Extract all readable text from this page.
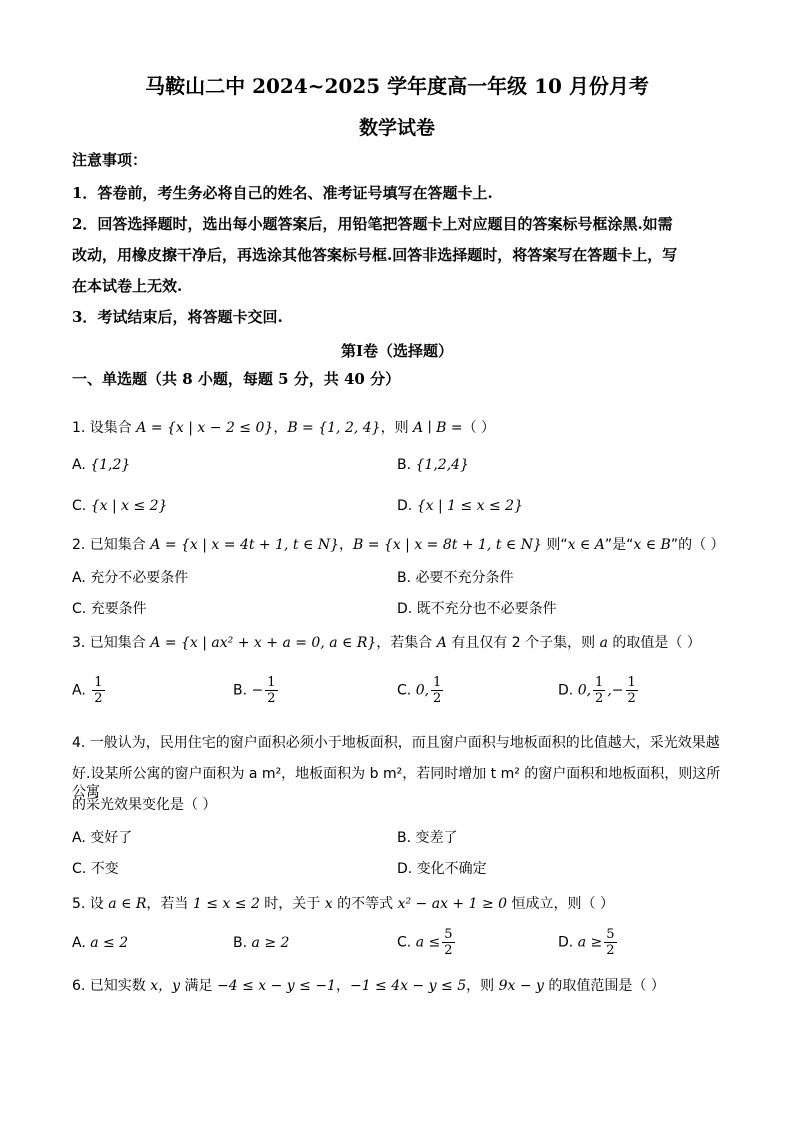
马鞍山二中 2024~2025 学年度高一年级 10 月份月考
数学试卷
注意事项：
1．答卷前，考生务必将自己的姓名、准考证号填写在答题卡上.
2．回答选择题时，选出每小题答案后，用铅笔把答题卡上对应题目的答案标号框涂黑.如需
改动，用橡皮擦干净后，再选涂其他答案标号框.回答非选择题时，将答案写在答题卡上，写
在本试卷上无效.
3．考试结束后，将答题卡交回.
第Ⅰ卷（选择题）
一、单选题（共 8 小题，每题 5 分，共 40 分）
1. 设集合 A = {x | x − 2 ≤ 0}，B = {1, 2, 4}，则 A ∣ B =（ ）
A. {1,2}	B. {1,2,4}
C. {x | x ≤ 2}	D. {x | 1 ≤ x ≤ 2}
2. 已知集合 A = {x | x = 4t + 1, t ∈ N}，B = {x | x = 8t + 1, t ∈ N} 则“x ∈ A”是“x ∈ B”的（ ）
A. 充分不必要条件	B. 必要不充分条件
C. 充要条件	D. 既不充分也不必要条件
3. 已知集合 A = {x | ax² + x + a = 0, a ∈ R}，若集合 A 有且仅有 2 个子集，则 a 的取值是（ ）
A. $\frac{1}{2}$	B. − $\frac{1}{2}$	C. 0, $\frac{1}{2}$	D. 0, $\frac{1}{2}$ ,− $\frac{1}{2}$
4. 一般认为，民用住宅的窗户面积必须小于地板面积，而且窗户面积与地板面积的比值越大，采光效果越
好.设某所公寓的窗户面积为 a m²，地板面积为 b m²，若同时增加 t m² 的窗户面积和地板面积，则这所公寓
的采光效果变化是（ ）
A. 变好了	B. 变差了
C. 不变	D. 变化不确定
5. 设 a ∈ R，若当 1 ≤ x ≤ 2 时，关于 x 的不等式 x² − ax + 1 ≥ 0 恒成立，则（ ）
A. a ≤ 2	B. a ≥ 2	C. $a \le \frac{5}{2}$	D. $a \ge \frac{5}{2}$
6. 已知实数 x，y 满足 −4 ≤ x − y ≤ −1，−1 ≤ 4x − y ≤ 5，则 9x − y 的取值范围是（ ）
